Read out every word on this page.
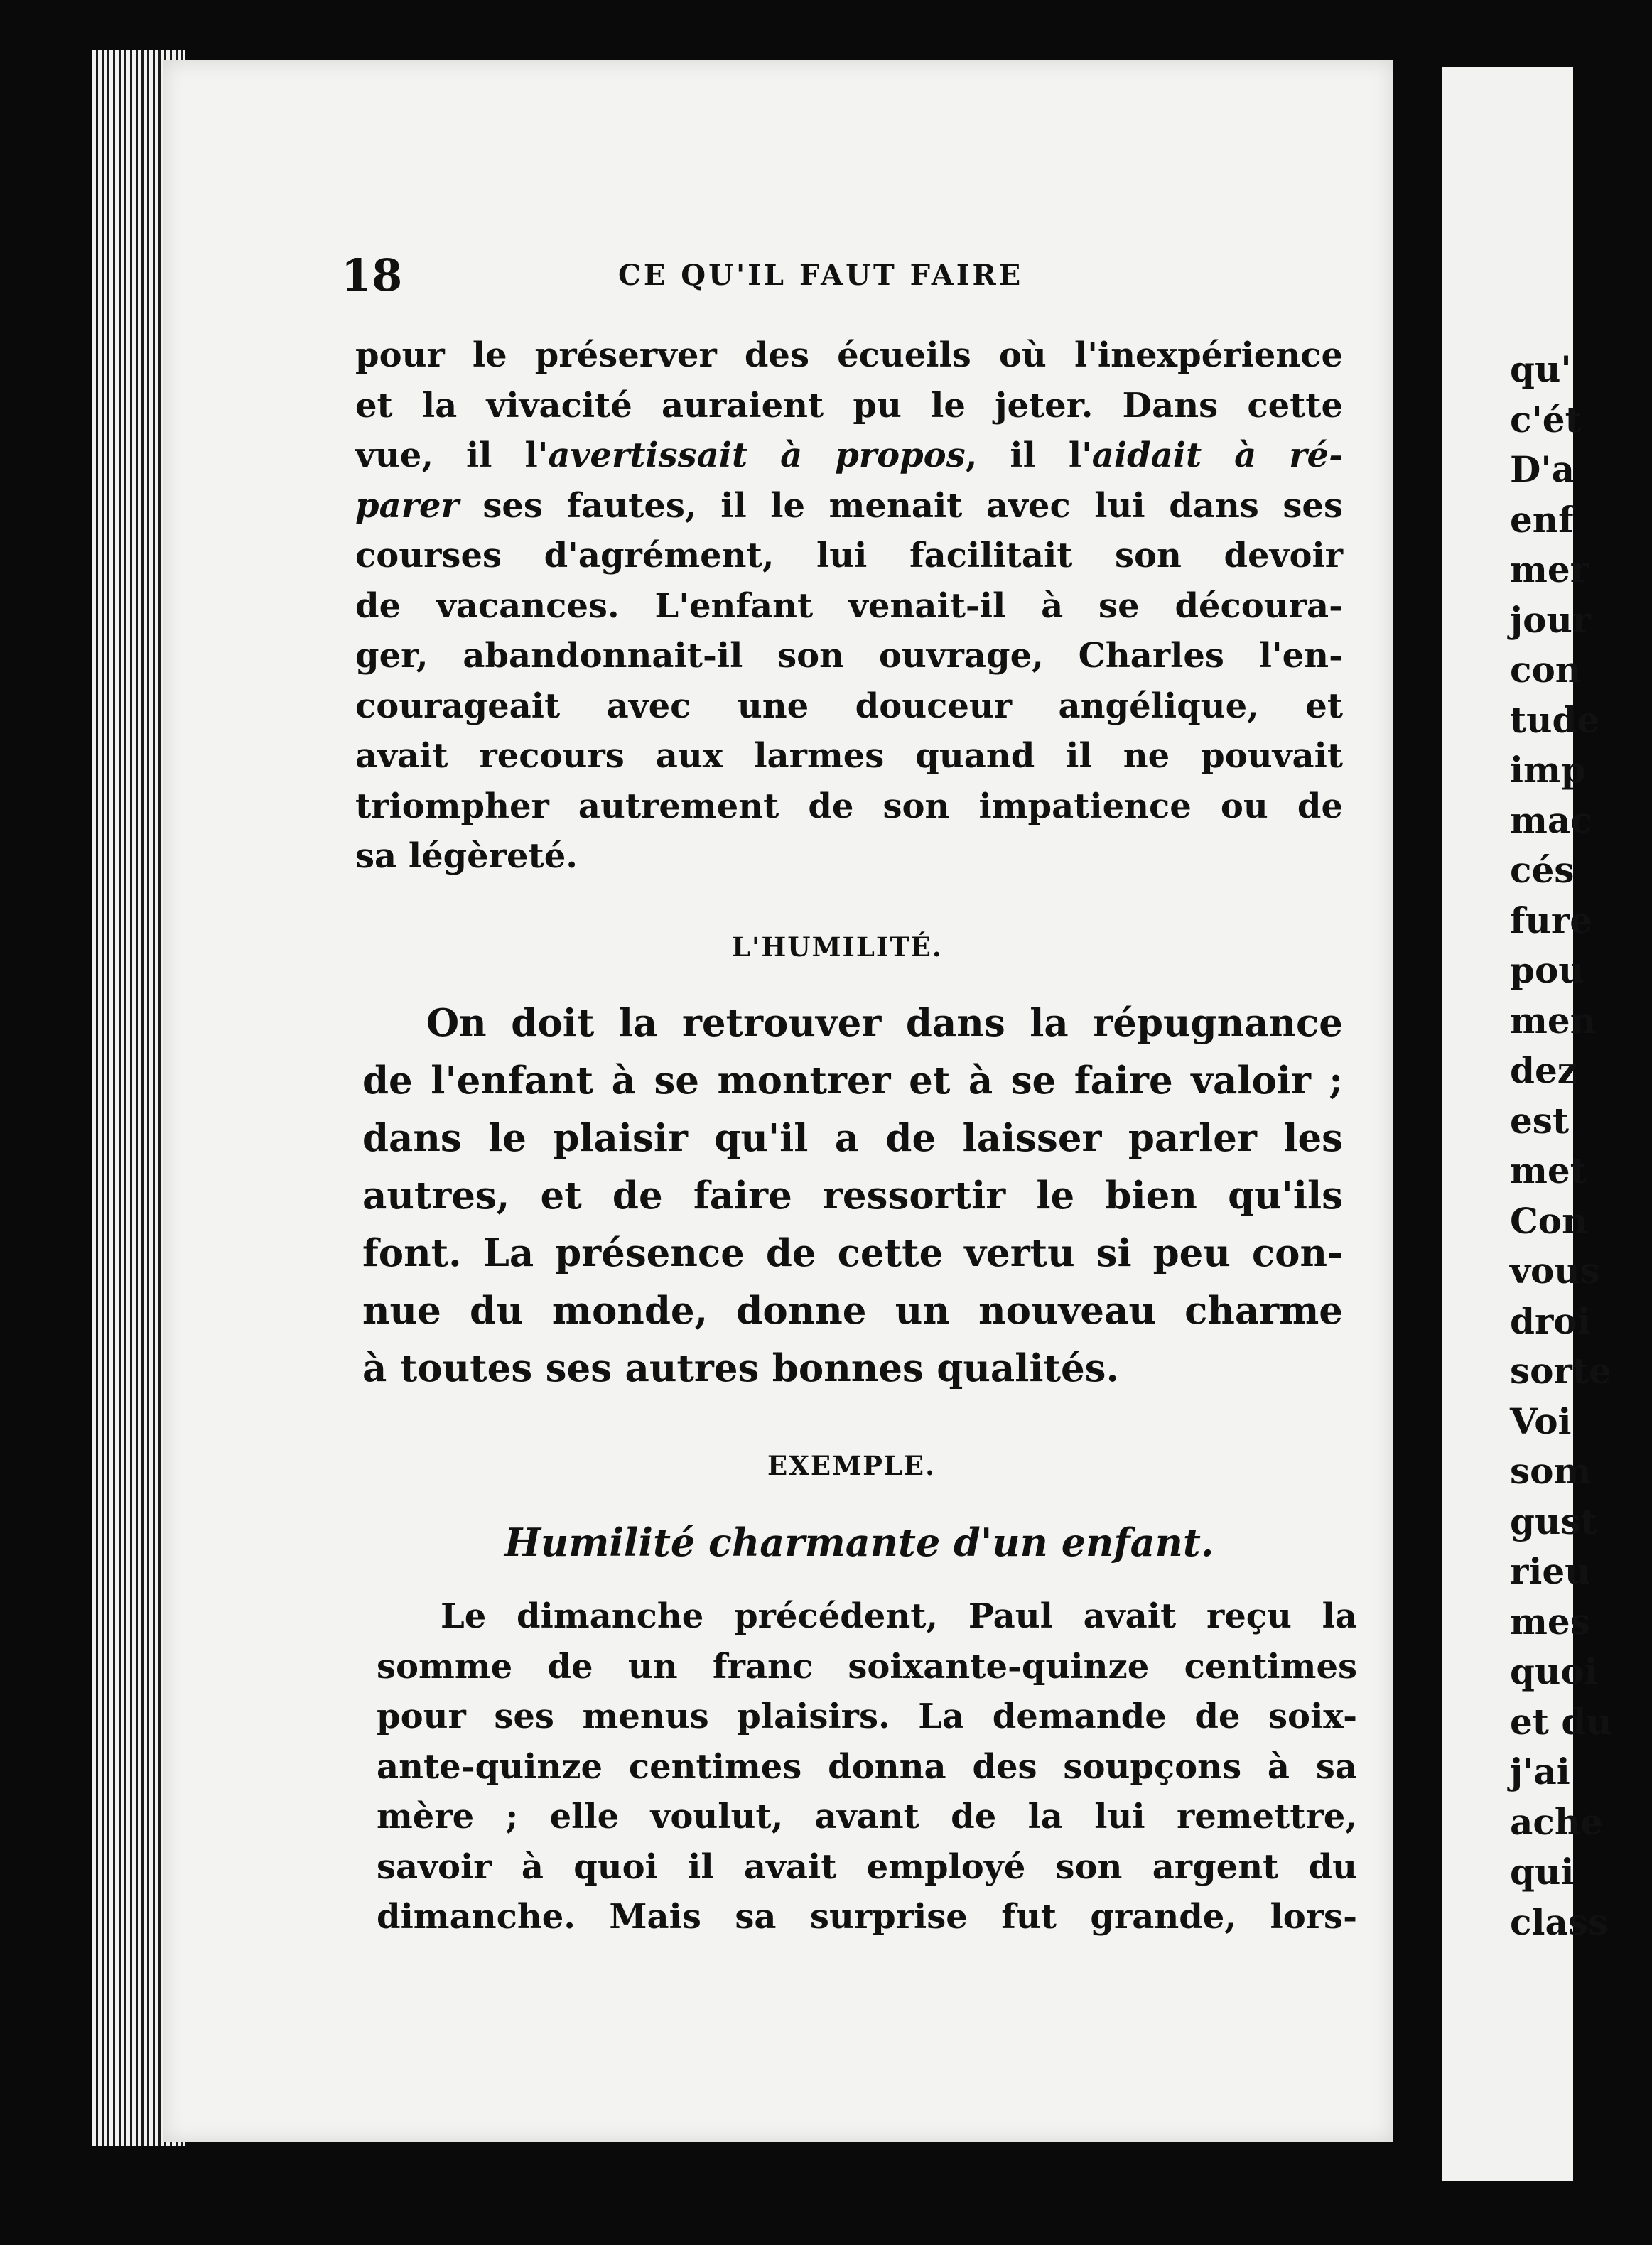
qu'
c'ét
D'a
enf
mer
jour
con
tude
imp
mac
cés
fure
pou
men
dez
est
met
Con
vous
droi
sorte
Voi
som
gust
rieu
mes
quoi
et du
j'ai
ache
qui
class
18	CE QU'IL FAUT FAIRE
pour le préserver des écueils où l'inexpérience
et la vivacité auraient pu le jeter. Dans cette
vue, il l'avertissait à propos, il l'aidait à ré-
parer ses fautes, il le menait avec lui dans ses
courses d'agrément, lui facilitait son devoir
de vacances. L'enfant venait-il à se découra-
ger, abandonnait-il son ouvrage, Charles l'en-
courageait avec une douceur angélique, et
avait recours aux larmes quand il ne pouvait
triompher autrement de son impatience ou de
sa légèreté.
L'HUMILITÉ.
On doit la retrouver dans la répugnance
de l'enfant à se montrer et à se faire valoir ;
dans le plaisir qu'il a de laisser parler les
autres, et de faire ressortir le bien qu'ils
font. La présence de cette vertu si peu con-
nue du monde, donne un nouveau charme
à toutes ses autres bonnes qualités.
EXEMPLE.
Humilité charmante d'un enfant.
Le dimanche précédent, Paul avait reçu la
somme de un franc soixante-quinze centimes
pour ses menus plaisirs. La demande de soix-
ante-quinze centimes donna des soupçons à sa
mère ; elle voulut, avant de la lui remettre,
savoir à quoi il avait employé son argent du
dimanche. Mais sa surprise fut grande, lors-
